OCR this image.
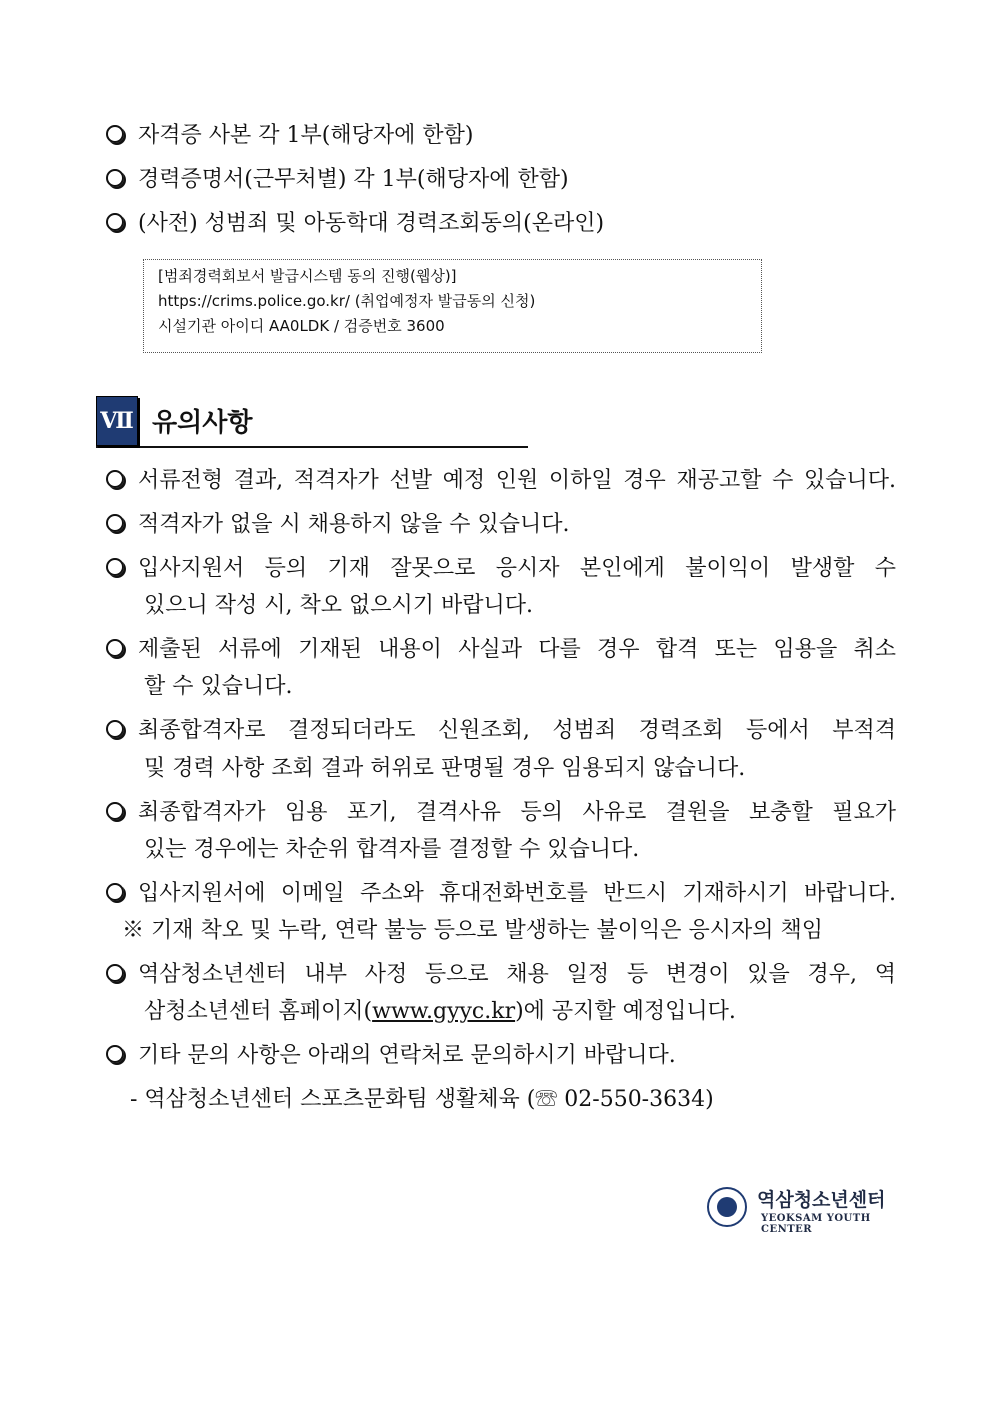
자격증 사본 각 1부(해당자에 한함)
경력증명서(근무처별) 각 1부(해당자에 한함)
(사전) 성범죄 및 아동학대 경력조회동의(온라인)
[범죄경력회보서 발급시스템 동의 진행(웹상)]
https://crims.police.go.kr/ (취업예정자 발급동의 신청)
시설기관 아이디 AA0LDK / 검증번호 3600
Ⅶ 유의사항
서류전형 결과, 적격자가 선발 예정 인원 이하일 경우 재공고할 수 있습니다.
적격자가 없을 시 채용하지 않을 수 있습니다.
입사지원서 등의 기재 잘못으로 응시자 본인에게 불이익이 발생할 수
있으니 작성 시, 착오 없으시기 바랍니다.
제출된 서류에 기재된 내용이 사실과 다를 경우 합격 또는 임용을 취소
할 수 있습니다.
최종합격자로 결정되더라도 신원조회, 성범죄 경력조회 등에서 부적격
및 경력 사항 조회 결과 허위로 판명될 경우 임용되지 않습니다.
최종합격자가 임용 포기, 결격사유 등의 사유로 결원을 보충할 필요가
있는 경우에는 차순위 합격자를 결정할 수 있습니다.
입사지원서에 이메일 주소와 휴대전화번호를 반드시 기재하시기 바랍니다.
※ 기재 착오 및 누락, 연락 불능 등으로 발생하는 불이익은 응시자의 책임
역삼청소년센터 내부 사정 등으로 채용 일정 등 변경이 있을 경우, 역
삼청소년센터 홈페이지(www.gyyc.kr)에 공지할 예정입니다.
기타 문의 사항은 아래의 연락처로 문의하시기 바랍니다.
- 역삼청소년센터 스포츠문화팀 생활체육 (☏ 02-550-3634)
역삼청소년센터
YEOKSAM YOUTH CENTER
